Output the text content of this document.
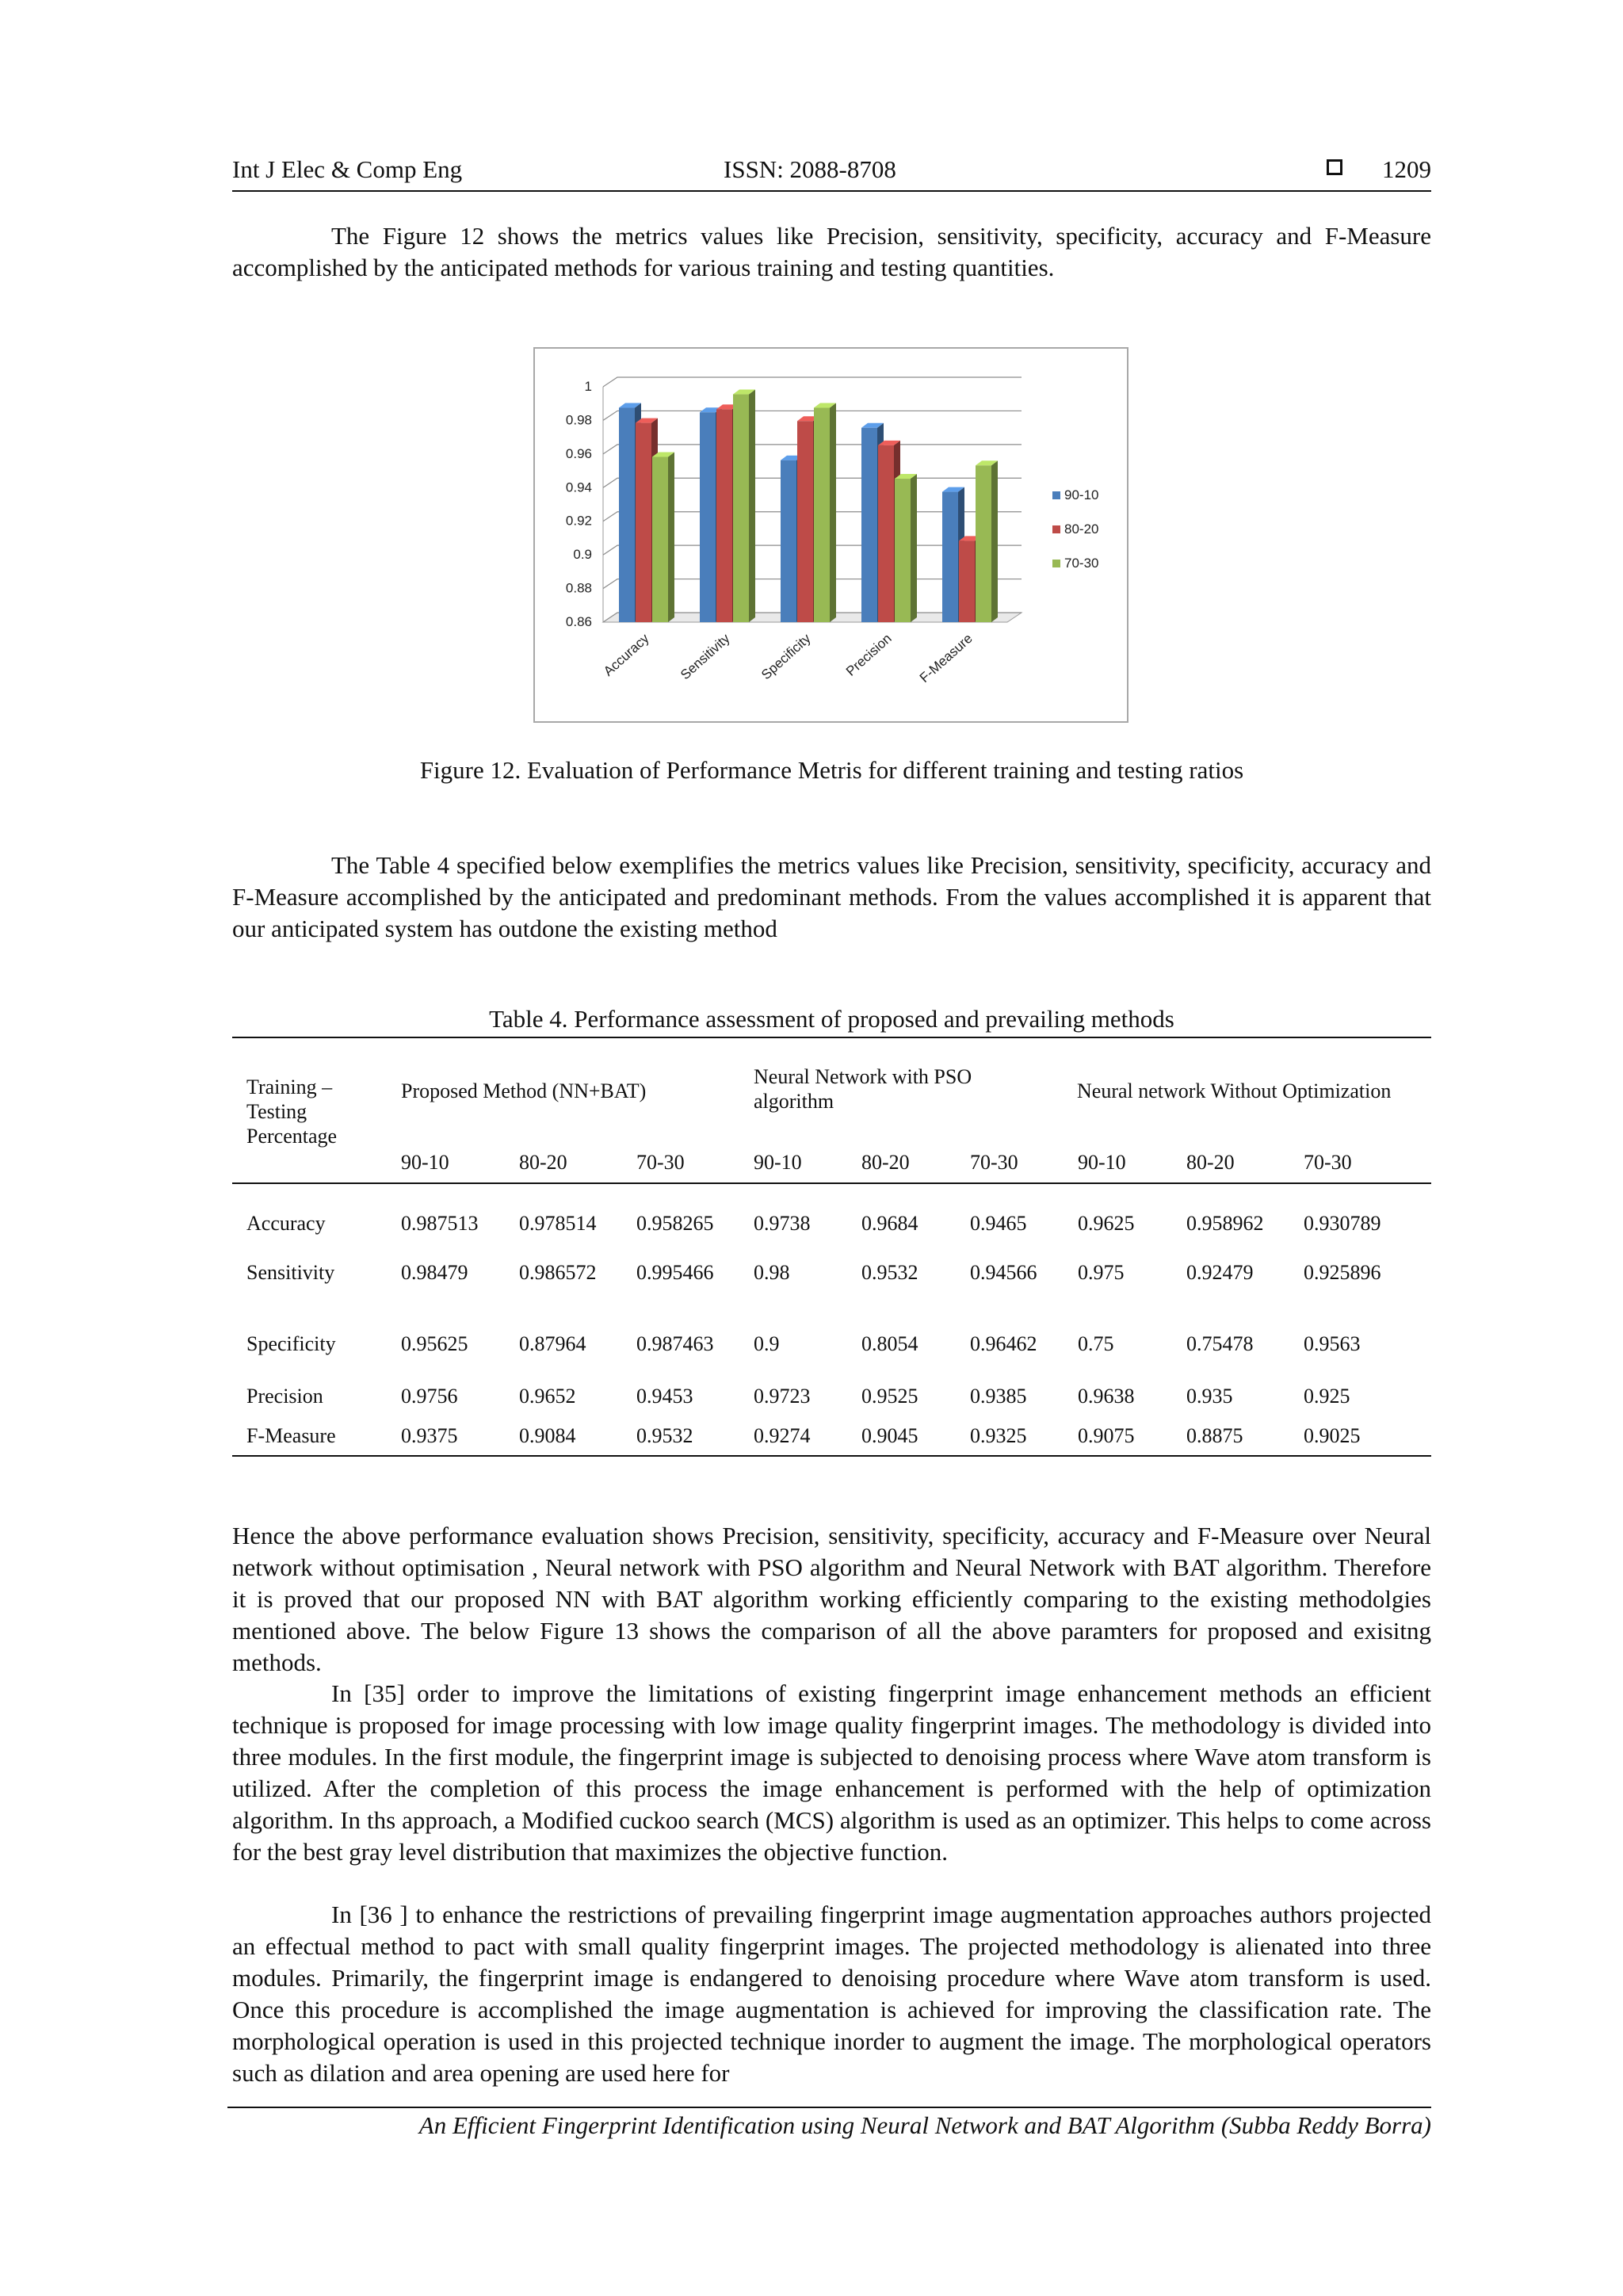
Int J Elec & Comp Eng	ISSN: 2088-8708	1209
The Figure 12 shows the metrics values like Precision, sensitivity, specificity, accuracy and F-Measure accomplished by the anticipated methods for various training and testing quantities.
0.86
0.88
0.9
0.92
0.94
0.96
0.98
1
Accuracy Sensitivity Specificity Precision F-Measure
90-10
80-20
70-30
Figure 12. Evaluation of Performance Metris for different training and testing ratios
The Table 4 specified below exemplifies the metrics values like Precision, sensitivity, specificity, accuracy and F-Measure accomplished by the anticipated and predominant methods. From the values accomplished it is apparent that our anticipated system has outdone the existing method
Table 4. Performance assessment of proposed and prevailing methods
Training – Testing Percentage
Proposed Method (NN+BAT)
Neural Network with PSO algorithm	Neural network Without Optimization
90-10	80-20	70-30	90-10	80-20	70-30	90-10	80-20	70-30
Accuracy	0.987513 0.978514 0.958265 0.9738 0.9684	0.9465 0.9625	0.958962 0.930789
Sensitivity	0.98479 0.986572 0.995466 0.98	0.9532	0.94566 0.975	0.92479 0.925896
Specificity	0.95625 0.87964 0.987463 0.9	0.8054	0.96462 0.75	0.75478 0.9563
Precision	0.9756	0.9652	0.9453	0.9723 0.9525	0.9385 0.9638	0.935	0.925
F-Measure	0.9375	0.9084	0.9532	0.9274 0.9045	0.9325 0.9075	0.8875	0.9025
Hence the above performance evaluation shows Precision, sensitivity, specificity, accuracy and F-Measure over Neural network without optimisation , Neural network with PSO algorithm and Neural Network with BAT algorithm. Therefore it is proved that our proposed NN with BAT algorithm working efficiently comparing to the existing methodolgies mentioned above. The below Figure 13 shows the comparison of all the above paramters for proposed and exisitng methods.
In [35] order to improve the limitations of existing fingerprint image enhancement methods an efficient technique is proposed for image processing with low image quality fingerprint images. The methodology is divided into three modules. In the first module, the fingerprint image is subjected to denoising process where Wave atom transform is utilized. After the completion of this process the image enhancement is performed with the help of optimization algorithm. In ths approach, a Modified cuckoo search (MCS) algorithm is used as an optimizer. This helps to come across for the best gray level distribution that maximizes the objective function.
In [36 ] to enhance the restrictions of prevailing fingerprint image augmentation approaches authors projected an effectual method to pact with small quality fingerprint images. The projected methodology is alienated into three modules. Primarily, the fingerprint image is endangered to denoising procedure where Wave atom transform is used. Once this procedure is accomplished the image augmentation is achieved for improving the classification rate. The morphological operation is used in this projected technique inorder to augment the image. The morphological operators such as dilation and area opening are used here for
An Efficient Fingerprint Identification using Neural Network and BAT Algorithm (Subba Reddy Borra)
